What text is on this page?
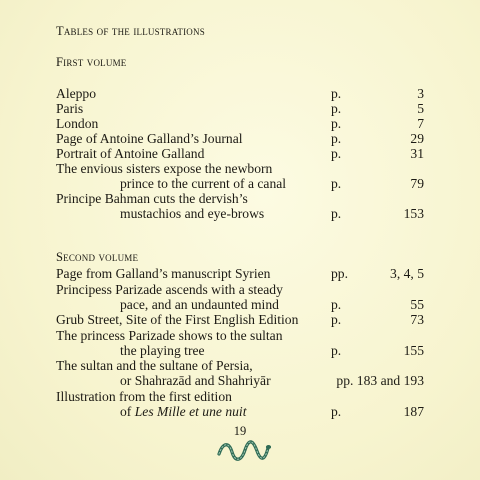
Tables of the illustrations
First volume
Aleppo	p.	3
Paris	p.	5
London	p.	7
Page of Antoine Galland’s Journal	p.	29
Portrait of Antoine Galland	p.	31
The envious sisters expose the newborn
prince to the current of a canal	p.	79
Principe Bahman cuts the dervish’s
mustachios and eye-brows	p.	153
Second volume
Page from Galland’s manuscript Syrien	pp.	3, 4, 5
Principess Parizade ascends with a steady
pace, and an undaunted mind	p.	55
Grub Street, Site of the First English Edition p.	73
The princess Parizade shows to the sultan
the playing tree	p.	155
The sultan and the sultane of Persia,
or Shahrazād and Shahriyār	pp. 183 and 193
Illustration from the first edition
of Les Mille et une nuit	p.	187
19
